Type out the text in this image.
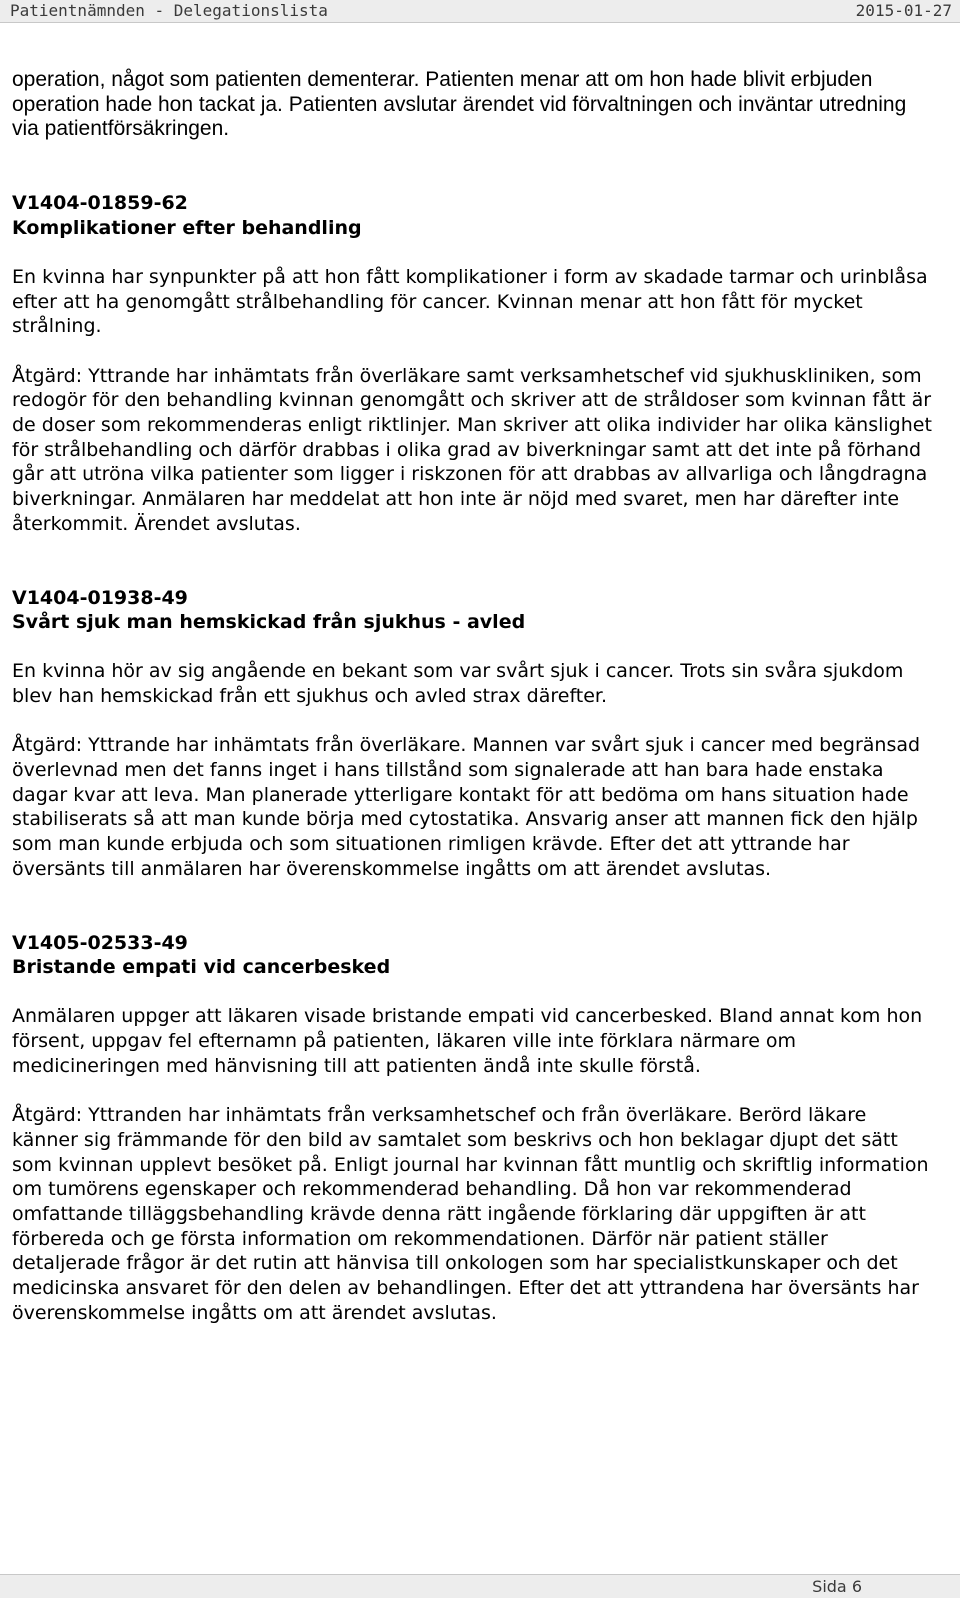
Patientnämnden - Delegationslista	2015-01-27

operation, något som patienten dementerar. Patienten menar att om hon hade blivit erbjuden operation hade hon tackat ja. Patienten avslutar ärendet vid förvaltningen och inväntar utredning via patientförsäkringen.

V1404-01859-62

Komplikationer efter behandling

En kvinna har synpunkter på att hon fått komplikationer i form av skadade tarmar och urinblåsa efter att ha genomgått strålbehandling för cancer. Kvinnan menar att hon fått för mycket strålning.

Åtgärd: Yttrande har inhämtats från överläkare samt verksamhetschef vid sjukhuskliniken, som redogör för den behandling kvinnan genomgått och skriver att de stråldoser som kvinnan fått är de doser som rekommenderas enligt riktlinjer. Man skriver att olika individer har olika känslighet för strålbehandling och därför drabbas i olika grad av biverkningar samt att det inte på förhand går att utröna vilka patienter som ligger i riskzonen för att drabbas av allvarliga och långdragna biverkningar. Anmälaren har meddelat att hon inte är nöjd med svaret, men har därefter inte återkommit. Ärendet avslutas.

V1404-01938-49

Svårt sjuk man hemskickad från sjukhus - avled

En kvinna hör av sig angående en bekant som var svårt sjuk i cancer. Trots sin svåra sjukdom blev han hemskickad från ett sjukhus och avled strax därefter.

Åtgärd: Yttrande har inhämtats från överläkare. Mannen var svårt sjuk i cancer med begränsad överlevnad men det fanns inget i hans tillstånd som signalerade att han bara hade enstaka dagar kvar att leva. Man planerade ytterligare kontakt för att bedöma om hans situation hade stabiliserats så att man kunde börja med cytostatika. Ansvarig anser att mannen fick den hjälp som man kunde erbjuda och som situationen rimligen krävde. Efter det att yttrande har översänts till anmälaren har överenskommelse ingåtts om att ärendet avslutas.

V1405-02533-49

Bristande empati vid cancerbesked

Anmälaren uppger att läkaren visade bristande empati vid cancerbesked. Bland annat kom hon försent, uppgav fel efternamn på patienten, läkaren ville inte förklara närmare om medicineringen med hänvisning till att patienten ändå inte skulle förstå.

Åtgärd: Yttranden har inhämtats från verksamhetschef och från överläkare. Berörd läkare känner sig främmande för den bild av samtalet som beskrivs och hon beklagar djupt det sätt som kvinnan upplevt besöket på. Enligt journal har kvinnan fått muntlig och skriftlig information om tumörens egenskaper och rekommenderad behandling. Då hon var rekommenderad omfattande tilläggsbehandling krävde denna rätt ingående förklaring där uppgiften är att förbereda och ge första information om rekommendationen. Därför när patient ställer detaljerade frågor är det rutin att hänvisa till onkologen som har specialistkunskaper och det medicinska ansvaret för den delen av behandlingen. Efter det att yttrandena har översänts har överenskommelse ingåtts om att ärendet avslutas.

Sida 6
